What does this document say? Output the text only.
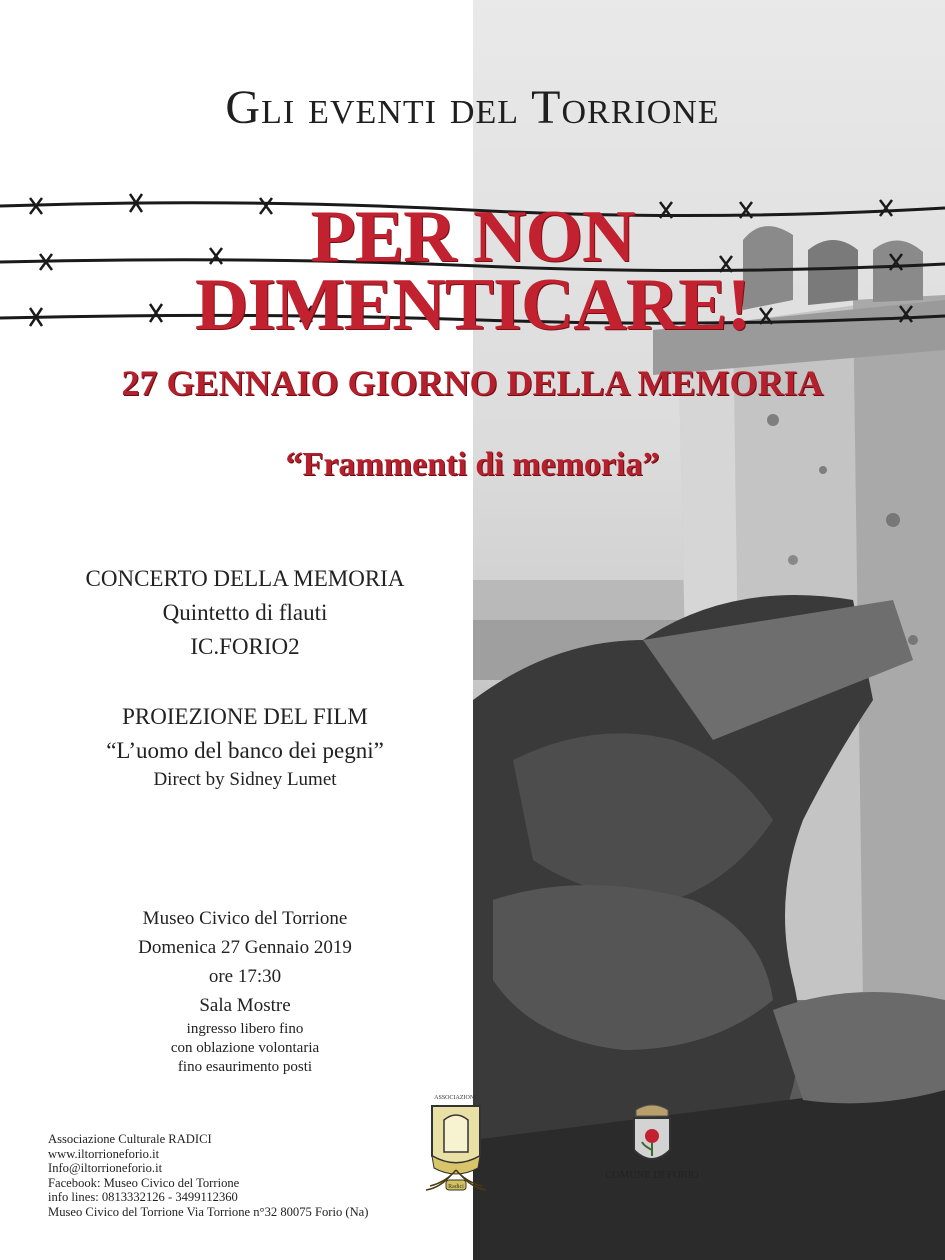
Gli eventi del Torrione
PER NON
DIMENTICARE!
27 GENNAIO GIORNO DELLA MEMORIA
“Frammenti di memoria”
CONCERTO DELLA MEMORIA
Quintetto di flauti
IC.FORIO2
PROIEZIONE DEL FILM
“L’uomo del banco dei pegni”
Direct by Sidney Lumet
Museo Civico del Torrione
Domenica 27 Gennaio 2019
ore 17:30
Sala Mostre
ingresso libero fino
con oblazione volontaria
fino esaurimento posti
Associazione Culturale RADICI
www.iltorrioneforio.it
Info@iltorrioneforio.it
Facebook: Museo Civico del Torrione
info lines: 0813332126 - 3499112360
Museo Civico del Torrione Via Torrione n°32 80075 Forio (Na)
ASSOCIAZIONE
Radici
COMUNE DI FORIO
